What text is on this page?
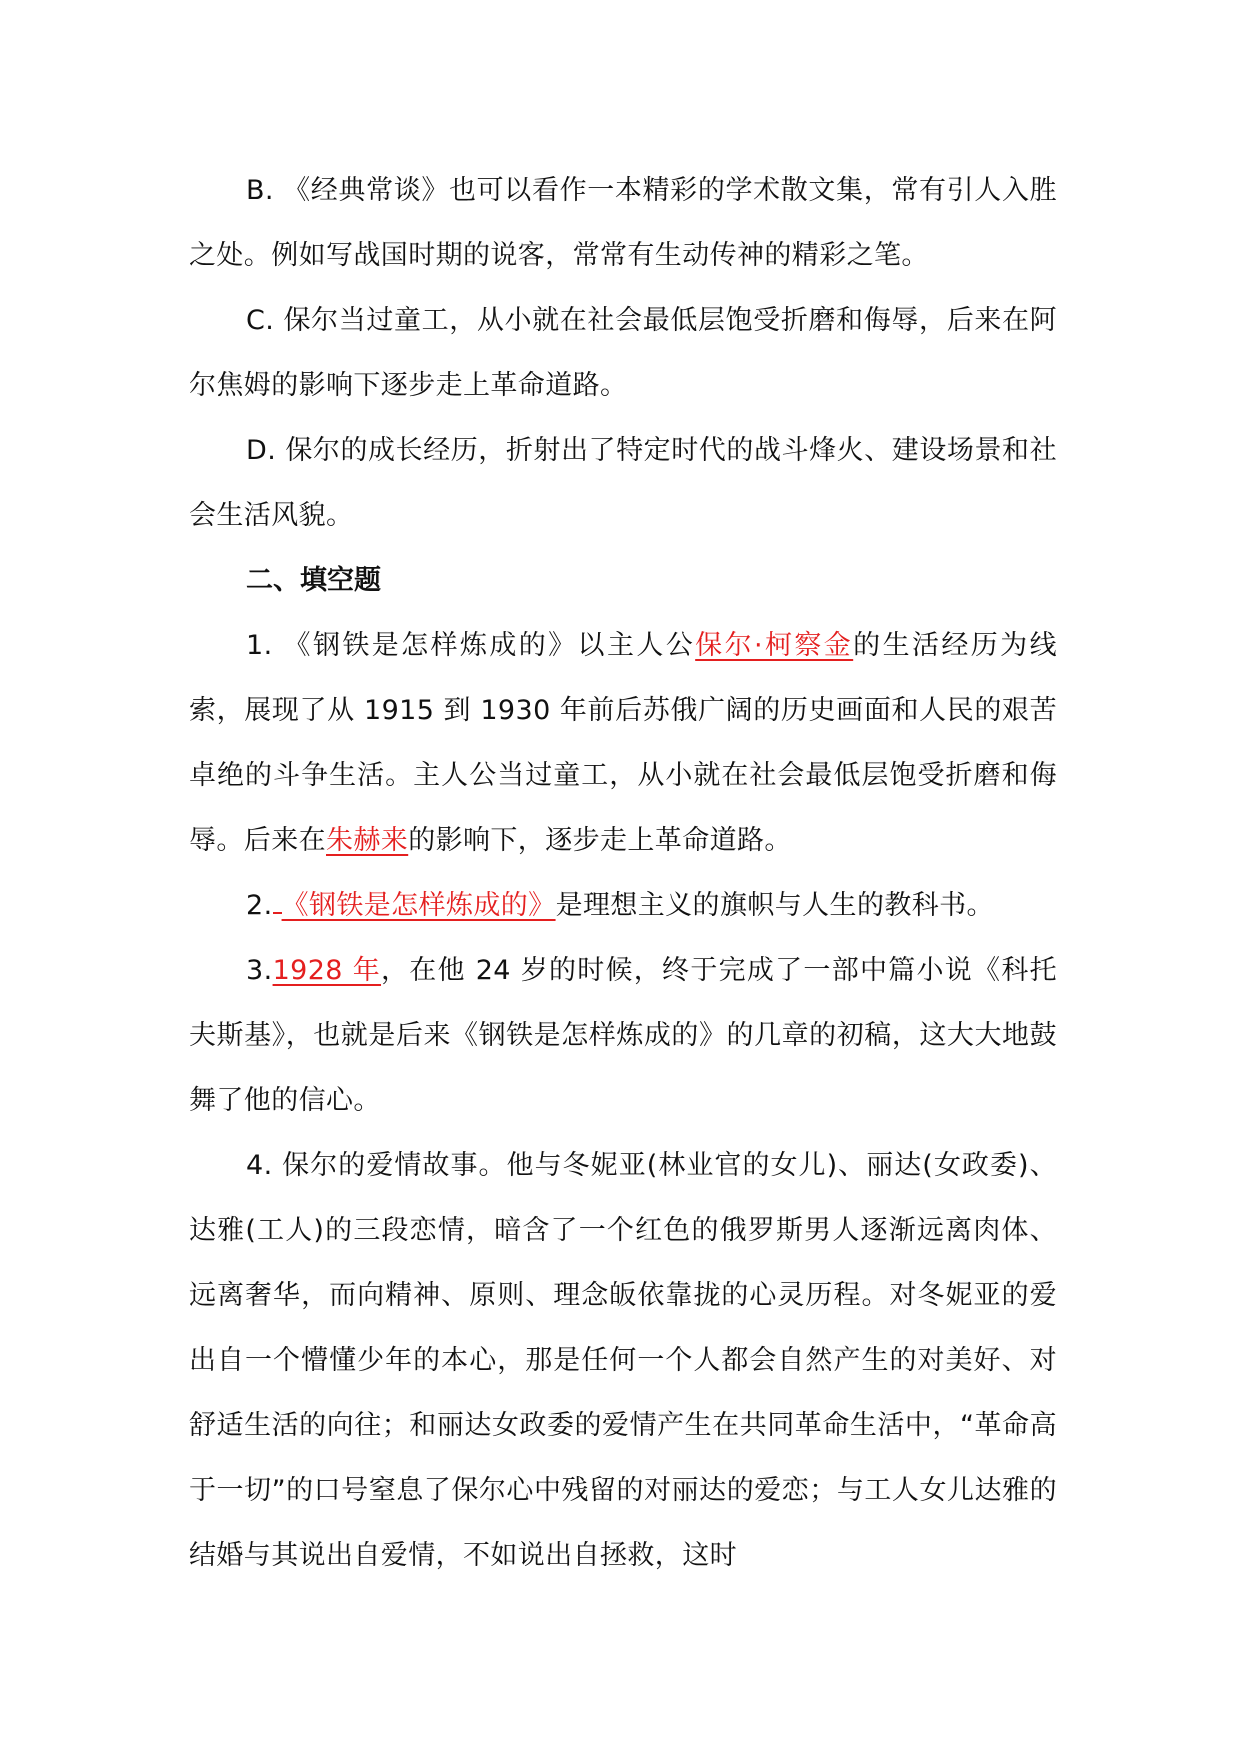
B. 《经典常谈》也可以看作一本精彩的学术散文集，常有引人入胜之处。例如写战国时期的说客，常常有生动传神的精彩之笔。

C. 保尔当过童工，从小就在社会最低层饱受折磨和侮辱，后来在阿尔焦姆的影响下逐步走上革命道路。

D. 保尔的成长经历，折射出了特定时代的战斗烽火、建设场景和社会生活风貌。

二、填空题

1. 《钢铁是怎样炼成的》以主人公保尔·柯察金的生活经历为线索，展现了从 1915 到 1930 年前后苏俄广阔的历史画面和人民的艰苦卓绝的斗争生活。主人公当过童工，从小就在社会最低层饱受折磨和侮辱。后来在朱赫来的影响下，逐步走上革命道路。

2. 《钢铁是怎样炼成的》是理想主义的旗帜与人生的教科书。

3.1928 年，在他 24 岁的时候，终于完成了一部中篇小说《科托夫斯基》，也就是后来《钢铁是怎样炼成的》的几章的初稿，这大大地鼓舞了他的信心。

4. 保尔的爱情故事。他与冬妮亚(林业官的女儿)、丽达(女政委)、达雅(工人)的三段恋情，暗含了一个红色的俄罗斯男人逐渐远离肉体、远离奢华，而向精神、原则、理念皈依靠拢的心灵历程。对冬妮亚的爱出自一个懵懂少年的本心，那是任何一个人都会自然产生的对美好、对舒适生活的向往；和丽达女政委的爱情产生在共同革命生活中，“革命高于一切”的口号窒息了保尔心中残留的对丽达的爱恋；与工人女儿达雅的结婚与其说出自爱情，不如说出自拯救，这时
